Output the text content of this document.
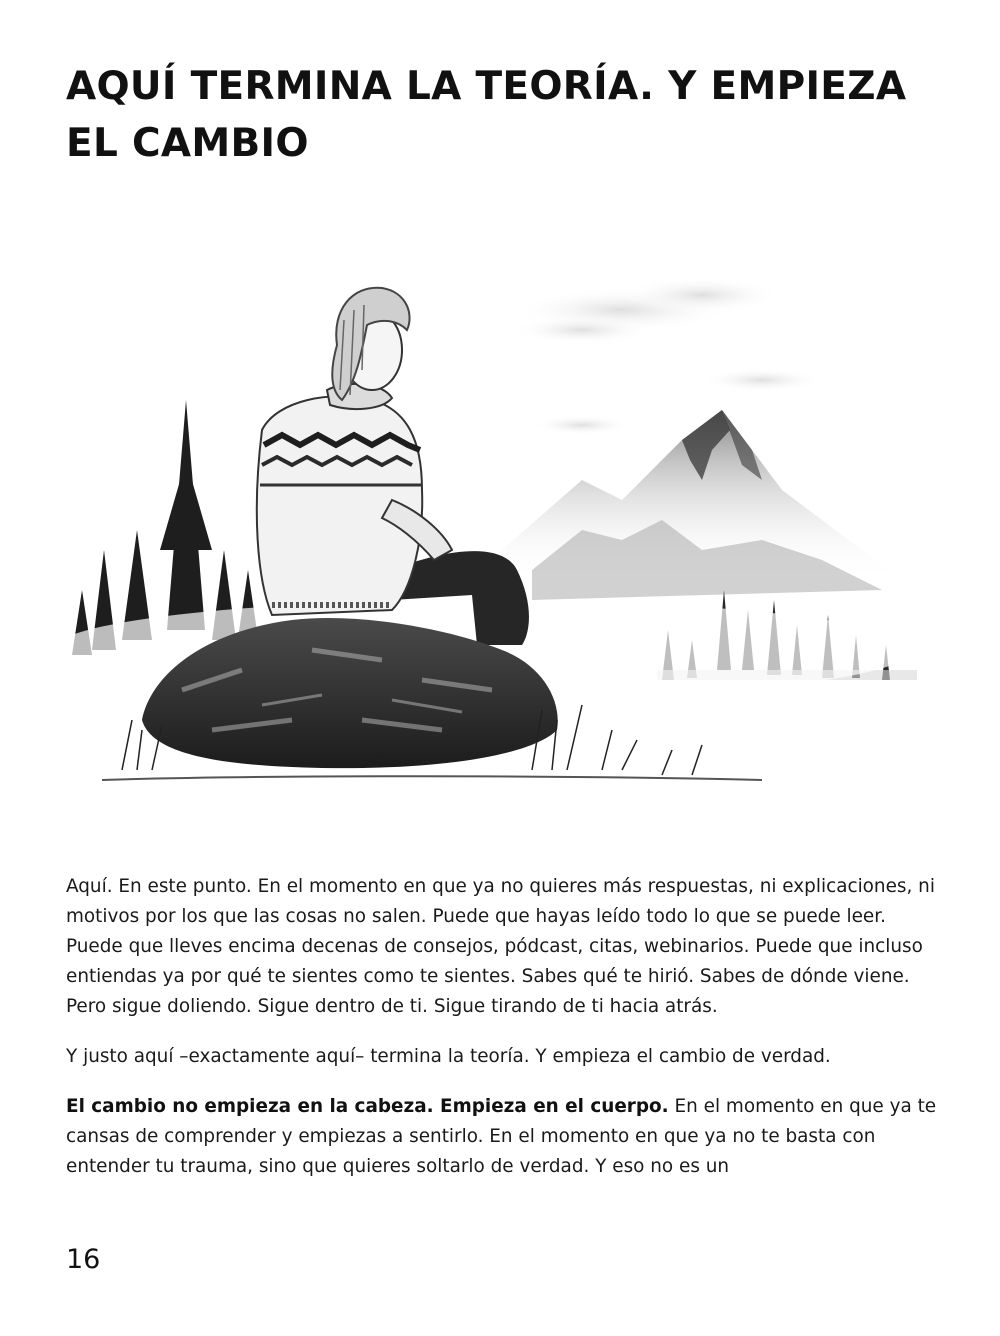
AQUÍ TERMINA LA TEORÍA. Y EMPIEZA EL CAMBIO

Aquí. En este punto. En el momento en que ya no quieres más respuestas, ni explicaciones, ni motivos por los que las cosas no salen. Puede que hayas leído todo lo que se puede leer. Puede que lleves encima decenas de consejos, pódcast, citas, webinarios. Puede que incluso entiendas ya por qué te sientes como te sientes. Sabes qué te hirió. Sabes de dónde viene. Pero sigue doliendo. Sigue dentro de ti. Sigue tirando de ti hacia atrás.

Y justo aquí –exactamente aquí– termina la teoría. Y empieza el cambio de verdad.

El cambio no empieza en la cabeza. Empieza en el cuerpo. En el momento en que ya te cansas de comprender y empiezas a sentirlo. En el momento en que ya no te basta con entender tu trauma, sino que quieres soltarlo de verdad. Y eso no es un

16
